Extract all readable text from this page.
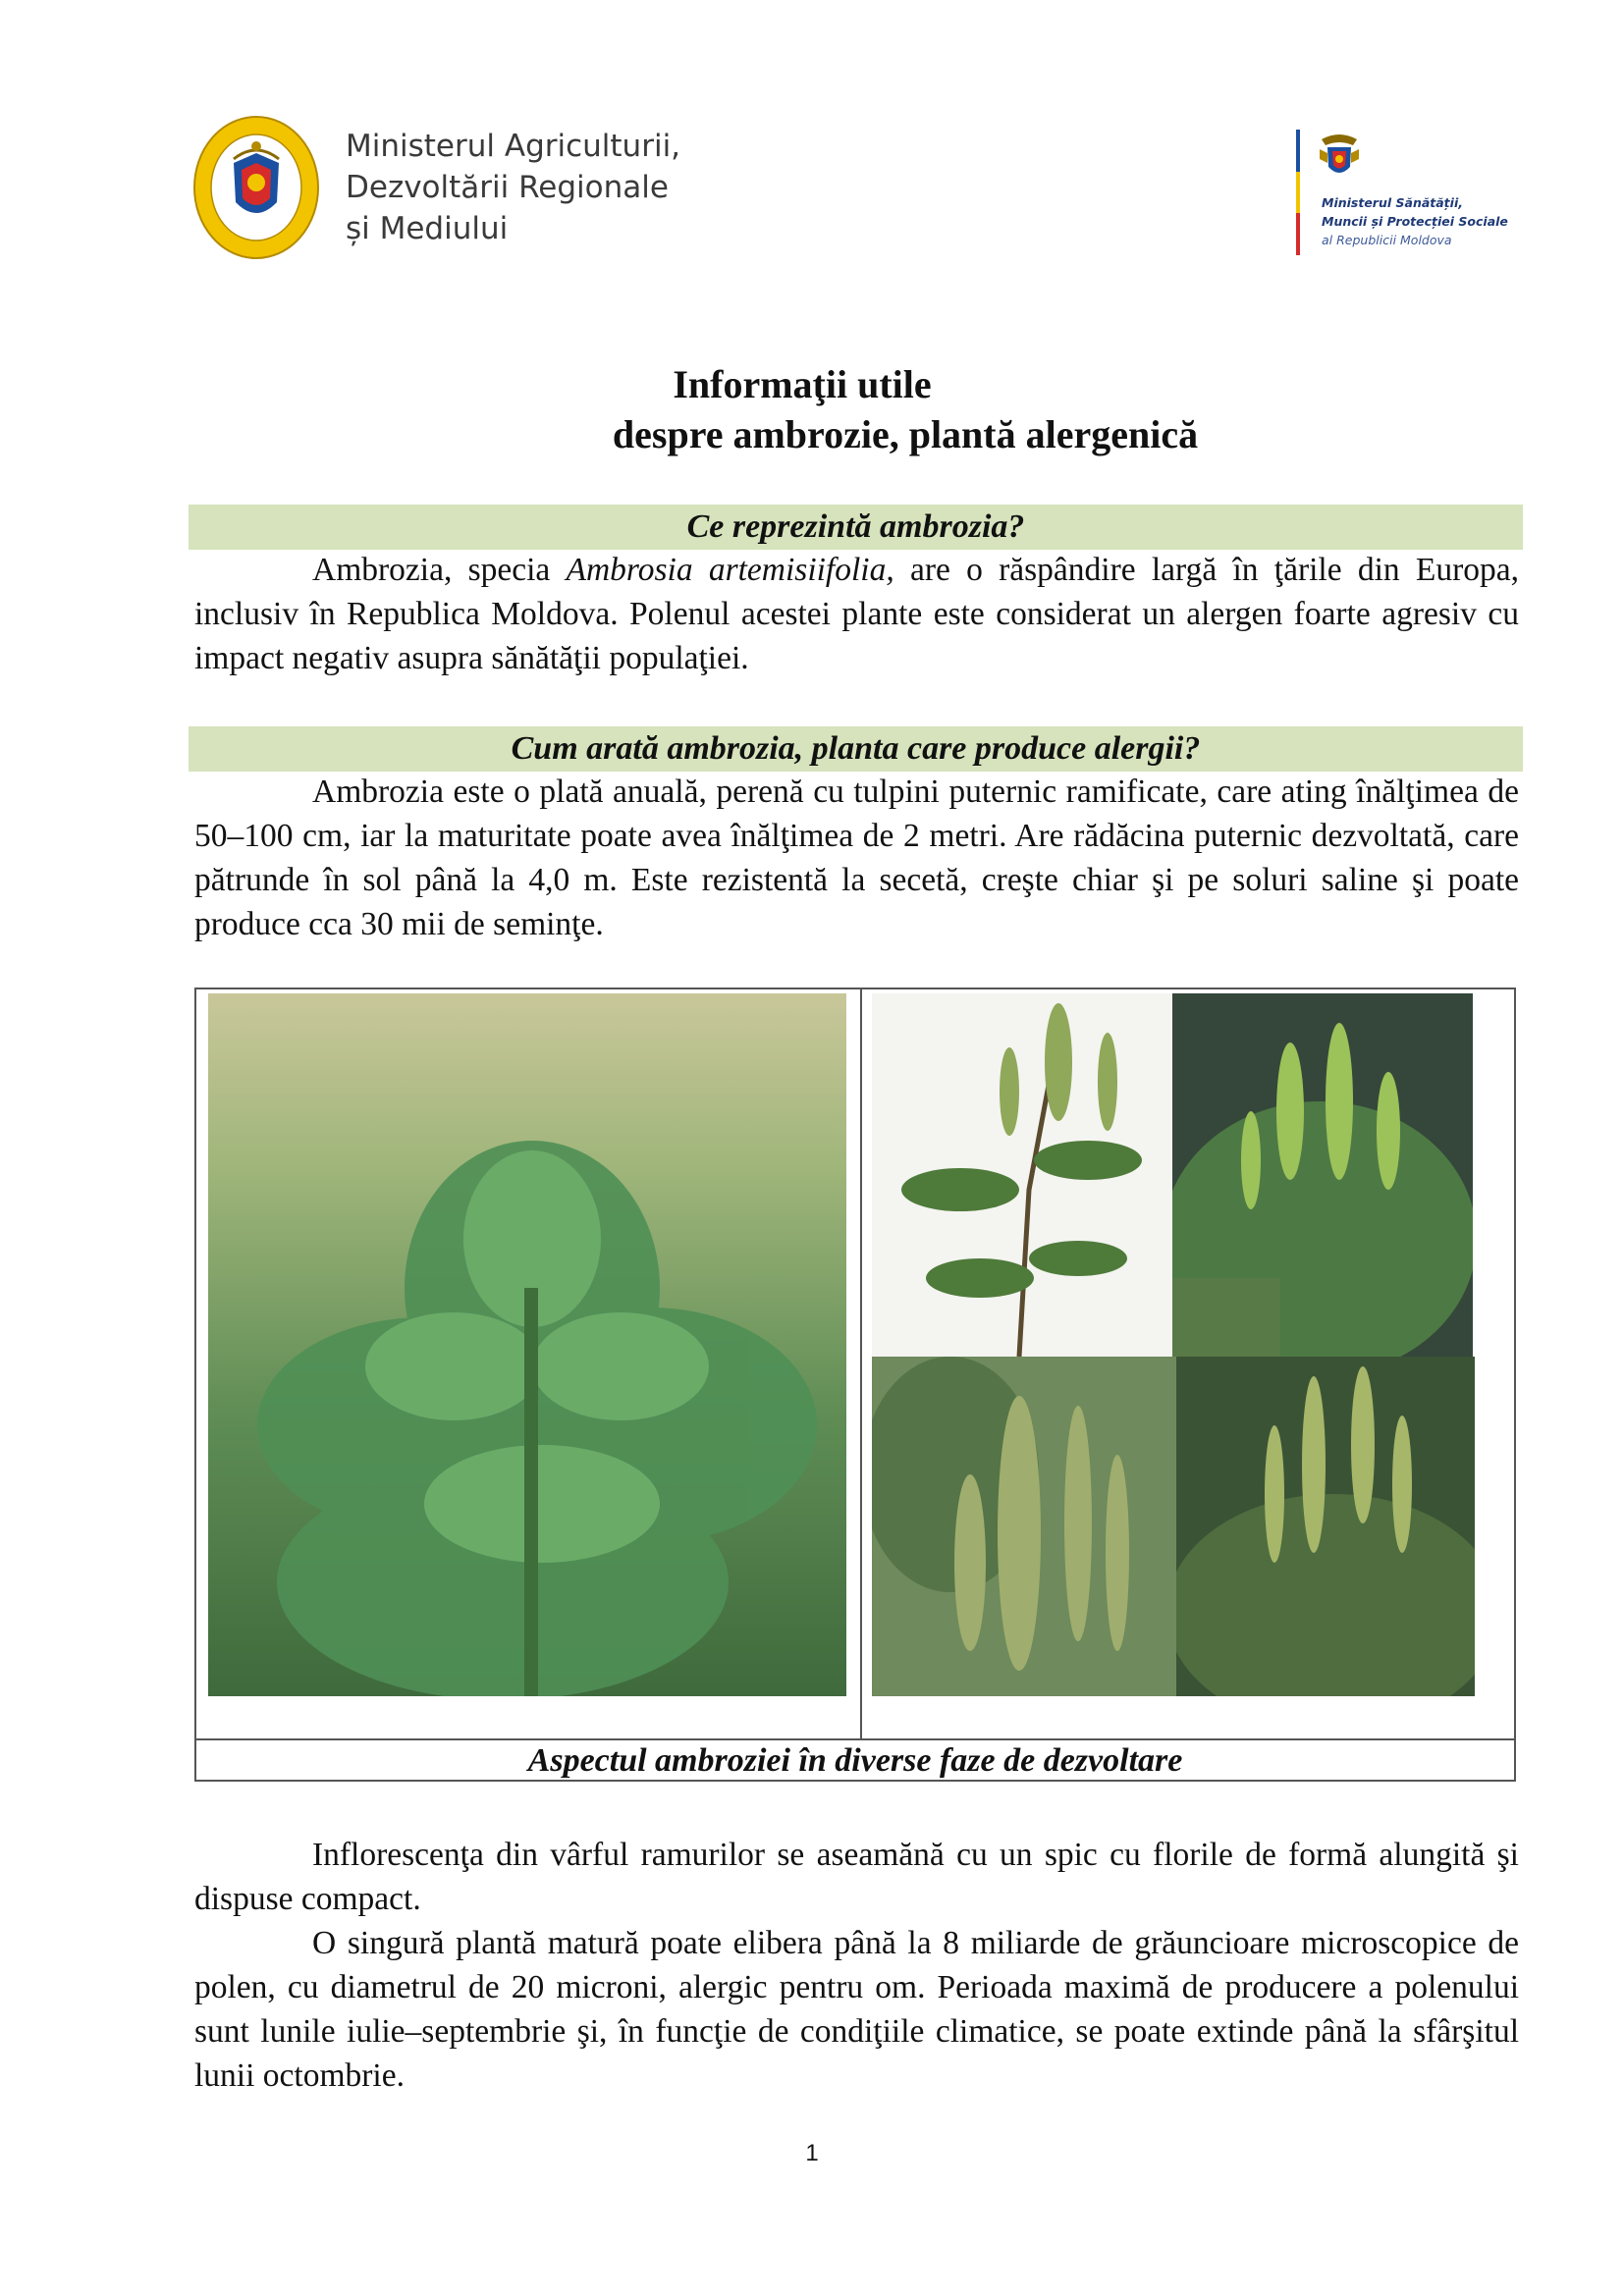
Ministerul Agriculturii,
Dezvoltării Regionale
și Mediului
Ministerul Sănătății,
Muncii și Protecției Sociale
al Republicii Moldova
Informaţii utile
despre ambrozie, plantă alergenică
Ce reprezintă ambrozia?
Ambrozia, specia Ambrosia artemisiifolia, are o răspândire largă în ţările din Europa, inclusiv în Republica Moldova. Polenul acestei plante este considerat un alergen foarte agresiv cu impact negativ asupra sănătăţii populaţiei.
Cum arată ambrozia, planta care produce alergii?
Ambrozia este o plată anuală, perenă cu tulpini puternic ramificate, care ating înălţimea de 50–100 cm, iar la maturitate poate avea înălţimea de 2 metri. Are rădăcina puternic dezvoltată, care pătrunde în sol până la 4,0 m. Este rezistentă la secetă, creşte chiar şi pe soluri saline şi poate produce cca 30 mii de seminţe.
Aspectul ambroziei în diverse faze de dezvoltare
Inflorescenţa din vârful ramurilor se aseamănă cu un spic cu florile de formă alungită şi dispuse compact.
O singură plantă matură poate elibera până la 8 miliarde de grăuncioare microscopice de polen, cu diametrul de 20 microni, alergic pentru om. Perioada maximă de producere a polenului sunt lunile iulie–septembrie şi, în funcţie de condiţiile climatice, se poate extinde până la sfârşitul lunii octombrie.
1
